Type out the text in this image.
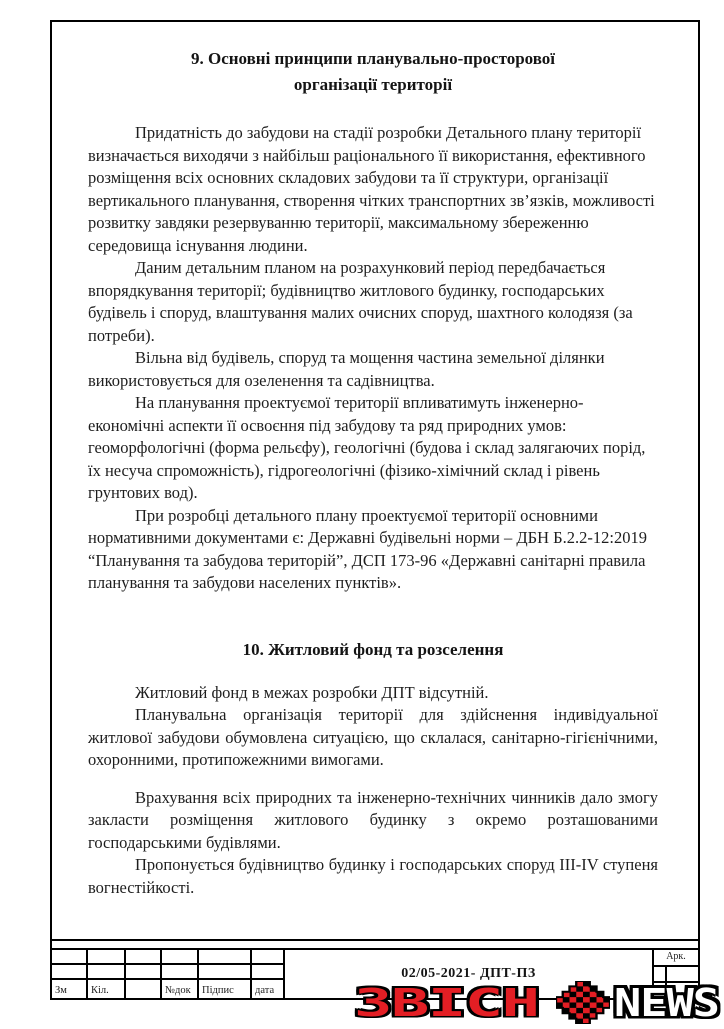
9. Основні принципи планувально-просторової
організації території

Придатність до забудови на стадії розробки Детального плану території визначається виходячи з найбільш раціонального її використання, ефективного розміщення всіх основних складових забудови та її структури, організації вертикального планування, створення чітких транспортних зв’язків, можливості розвитку завдяки резервуванню території, максимальному збереженню середовища існування людини.

Даним детальним планом на розрахунковий період передбачається впорядкування території; будівництво житлового будинку, господарських будівель і споруд, влаштування малих очисних споруд, шахтного колодязя (за потреби).

Вільна від будівель, споруд та мощення частина земельної ділянки використовується для озеленення та садівництва.

На планування проектуємої території впливатимуть інженерно-економічні аспекти її освоєння під забудову та ряд природних умов: геоморфологічні (форма рельєфу), геологічні (будова і склад залягаючих порід, їх несуча спроможність), гідрогеологічні (фізико-хімічний склад і рівень грунтових вод).

При розробці детального плану проектуємої території основними нормативними документами є: Державні будівельні норми – ДБН Б.2.2-12:2019 “Планування та забудова територій”, ДСП 173-96 «Державні санітарні правила планування та забудови населених пунктів».

10. Житловий фонд та розселення

Житловий фонд в межах розробки ДПТ відсутній.

Планувальна організація території для здійснення індивідуальної житлової забудови обумовлена ситуацією, що склалася, санітарно-гігієнічними, охоронними, протипожежними вимогами.

Врахування всіх природних та інженерно-технічних чинників дало змогу закласти розміщення житлового будинку з окремо розташованими господарськими будівлями.

Пропонується будівництво будинку і господарських споруд ІІІ-ІV ступеня вогнестійкості.

Зм	Кіл.	№док	Підпис	дата
02/05-2021- ДПТ-ПЗ
Арк.
ЗВІСН NEWS
